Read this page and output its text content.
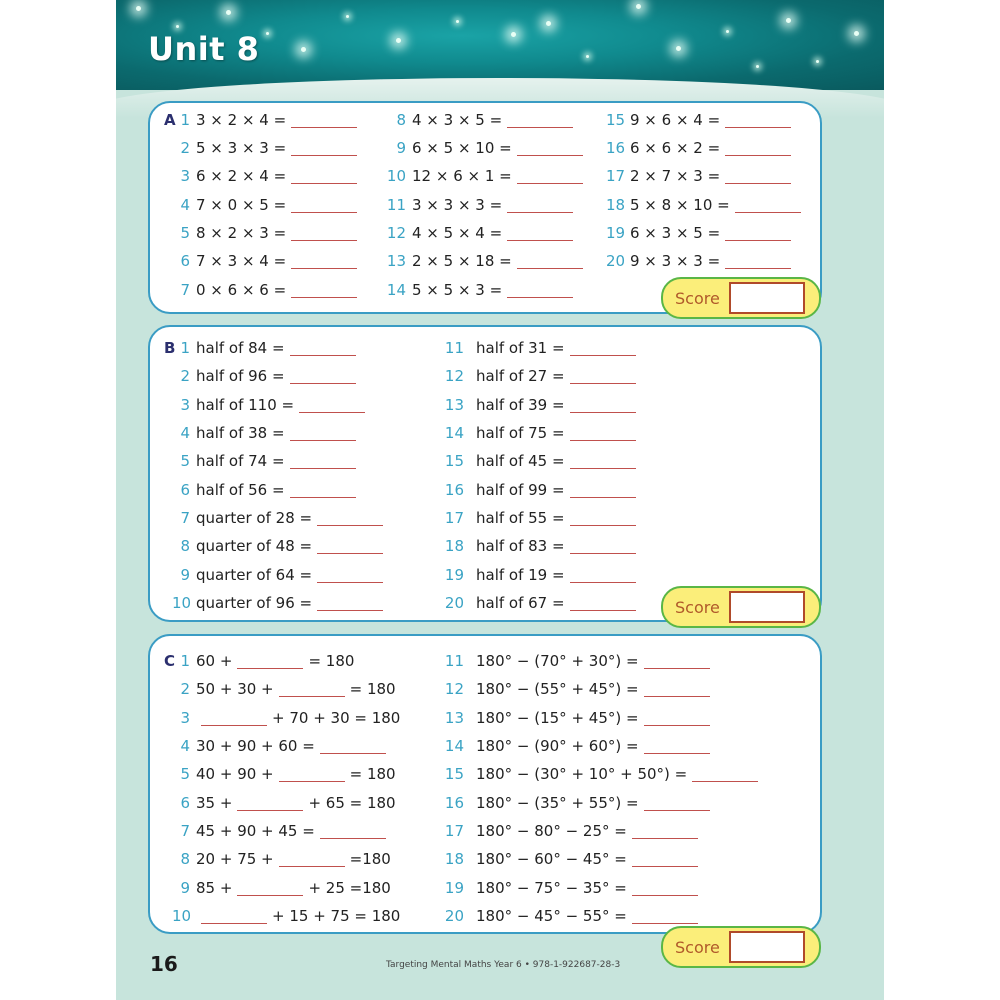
Unit 8
A 1 3 × 2 × 4 =
2 5 × 3 × 3 =
3 6 × 2 × 4 =
4 7 × 0 × 5 =
5 8 × 2 × 3 =
6 7 × 3 × 4 =
7 0 × 6 × 6 =
8 4 × 3 × 5 =
9 6 × 5 × 10 =
10 12 × 6 × 1 =
11 3 × 3 × 3 =
12 4 × 5 × 4 =
13 2 × 5 × 18 =
14 5 × 5 × 3 =
15 9 × 6 × 4 =
16 6 × 6 × 2 =
17 2 × 7 × 3 =
18 5 × 8 × 10 =
19 6 × 3 × 5 =
20 9 × 3 × 3 =
Score
B 1 half of 84 =
2 half of 96 =
3 half of 110 =
4 half of 38 =
5 half of 74 =
6 half of 56 =
7 quarter of 28 =
8 quarter of 48 =
9 quarter of 64 =
10 quarter of 96 =
11 half of 31 =
12 half of 27 =
13 half of 39 =
14 half of 75 =
15 half of 45 =
16 half of 99 =
17 half of 55 =
18 half of 83 =
19 half of 19 =
20 half of 67 =	Score
C 1 60 +	= 180
2 50 + 30 +	= 180
3	+ 70 + 30 = 180
4 30 + 90 + 60 =
5 40 + 90 +	= 180
6 35 +	+ 65 = 180
7 45 + 90 + 45 =
8 20 + 75 +	=180
9 85 +	+ 25 =180
10	+ 15 + 75 = 180
11 180° − (70° + 30°) =
12 180° − (55° + 45°) =
13 180° − (15° + 45°) =
14 180° − (90° + 60°) =
15 180° − (30° + 10° + 50°) =
16 180° − (35° + 55°) =
17 180° − 80° − 25° =
18 180° − 60° − 45° =
19 180° − 75° − 35° =
20 180° − 45° − 55° =
Score
16	Targeting Mental Maths Year 6 • 978-1-922687-28-3
